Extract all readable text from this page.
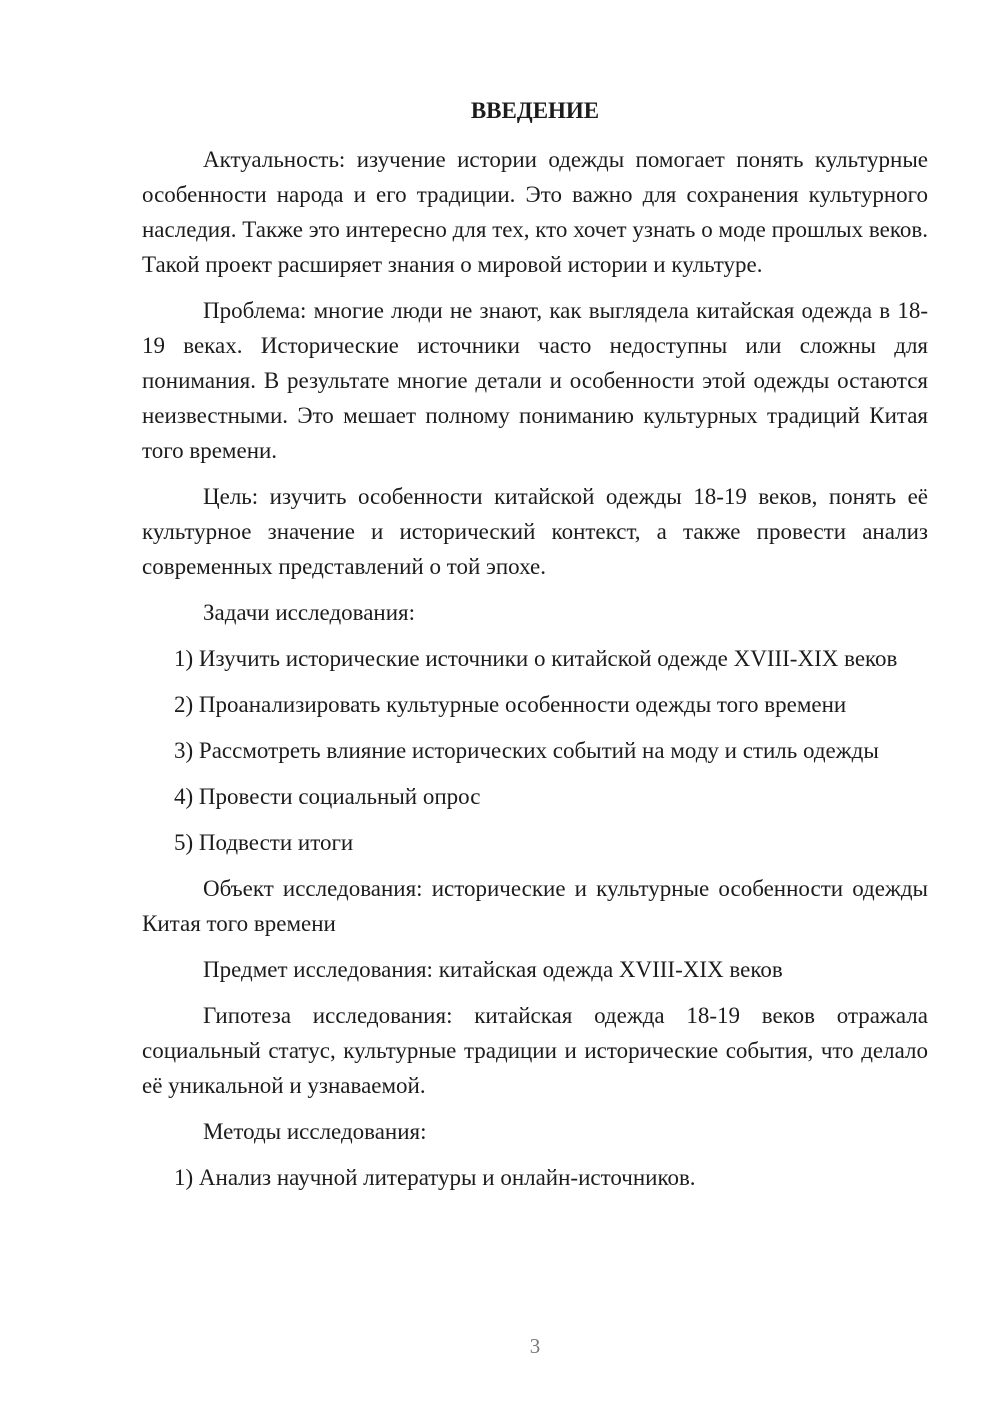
ВВЕДЕНИЕ

Актуальность: изучение истории одежды помогает понять культурные особенности народа и его традиции. Это важно для сохранения культурного наследия. Также это интересно для тех, кто хочет узнать о моде прошлых веков. Такой проект расширяет знания о мировой истории и культуре.

Проблема: многие люди не знают, как выглядела китайская одежда в 18-19 веках. Исторические источники часто недоступны или сложны для понимания. В результате многие детали и особенности этой одежды остаются неизвестными. Это мешает полному пониманию культурных традиций Китая того времени.

Цель: изучить особенности китайской одежды 18-19 веков, понять её культурное значение и исторический контекст, а также провести анализ современных представлений о той эпохе.

Задачи исследования:

1) Изучить исторические источники о китайской одежде XVIII-XIX веков

2) Проанализировать культурные особенности одежды того времени

3) Рассмотреть влияние исторических событий на моду и стиль одежды

4) Провести социальный опрос

5) Подвести итоги

Объект исследования: исторические и культурные особенности одежды Китая того времени

Предмет исследования: китайская одежда XVIII-XIX веков

Гипотеза исследования: китайская одежда 18-19 веков отражала социальный статус, культурные традиции и исторические события, что делало её уникальной и узнаваемой.

Методы исследования:

1) Анализ научной литературы и онлайн-источников.

3
